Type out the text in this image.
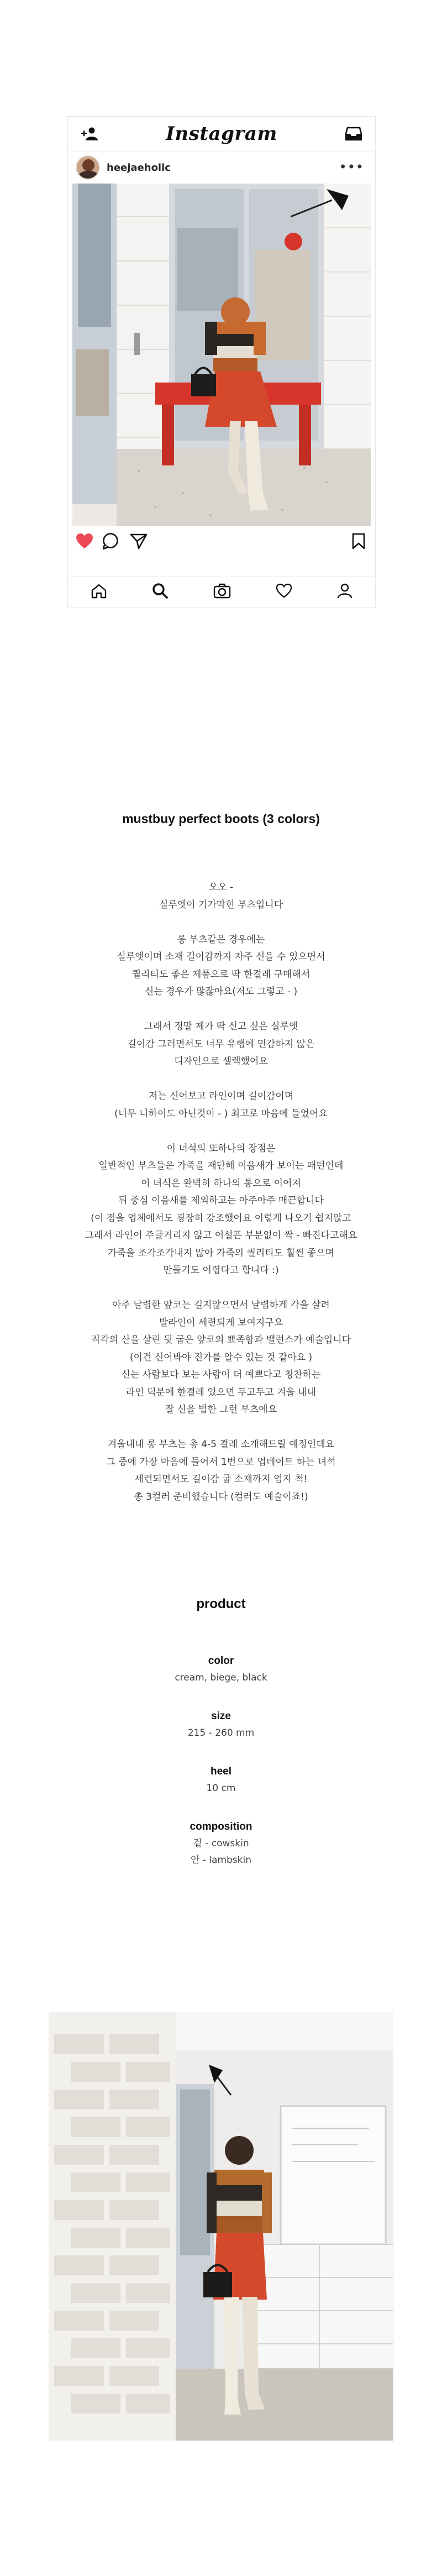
Instagram
heejaeholic	•••
mustbuy perfect boots (3 colors)

오오 -
실루엣이 기가막힌 부츠입니다

롱 부츠같은 경우에는
실루엣이며 소재 길이감까지 자주 신을 수 있으면서
퀄리티도 좋은 제품으로 딱 한켤레 구매해서
신는 경우가 많잖아요(저도 그렇고 - )

그래서 정말 제가 딱 신고 싶은 실루엣
길이감 그러면서도 너무 유행에 민감하지 않은
디자인으로 셀렉했어요

저는 신어보고 라인이며 길이감이며
(너무 니하이도 아닌것이 - ) 최고로 마음에 들었어요

이 녀석의 또하나의 장점은
일반적인 부츠들은 가죽을 재단해 이음새가 보이는 패턴인데
이 녀석은 완벽히 하나의 통으로 이어져
뒤 중심 이음새를 제외하고는 아주아주 매끈합니다
(이 점을 업체에서도 굉장히 강조했어요 이렇게 나오기 쉽지않고
그래서 라인이 주글거리지 않고 어설픈 부분없이 싹 - 빠진다고해요
가죽을 조각조각내지 않아 가죽의 퀄리티도 훨씬 좋으며
만들기도 어렵다고 합니다 :)

아주 날렵한 앞코는 길지않으면서 날렵하게 각을 살려
발라인이 세련되게 보여지구요
직각의 산을 살린 뒷 굽은 앞코의 뾰족함과 밸런스가 예술입니다
(이건 신어봐야 진가를 알수 있는 것 같아요 )
신는 사람보다 보는 사람이 더 예쁘다고 칭찬하는
라인 덕분에 한켤레 있으면 두고두고 겨울 내내
잘 신을 법한 그런 부츠에요

겨울내내 롱 부츠는 총 4-5 켤레 소개해드릴 예정인데요
그 중에 가장 마음에 들어서 1번으로 업데이트 하는 녀석
세련되면서도 길이감 굽 소재까지 엄지 척!
총 3컬러 준비했습니다 (컬러도 예술이죠!)

product
color
cream, biege, black
size
215 - 260 mm
heel
10 cm
composition
겉 - cowskin
안 - lambskin
